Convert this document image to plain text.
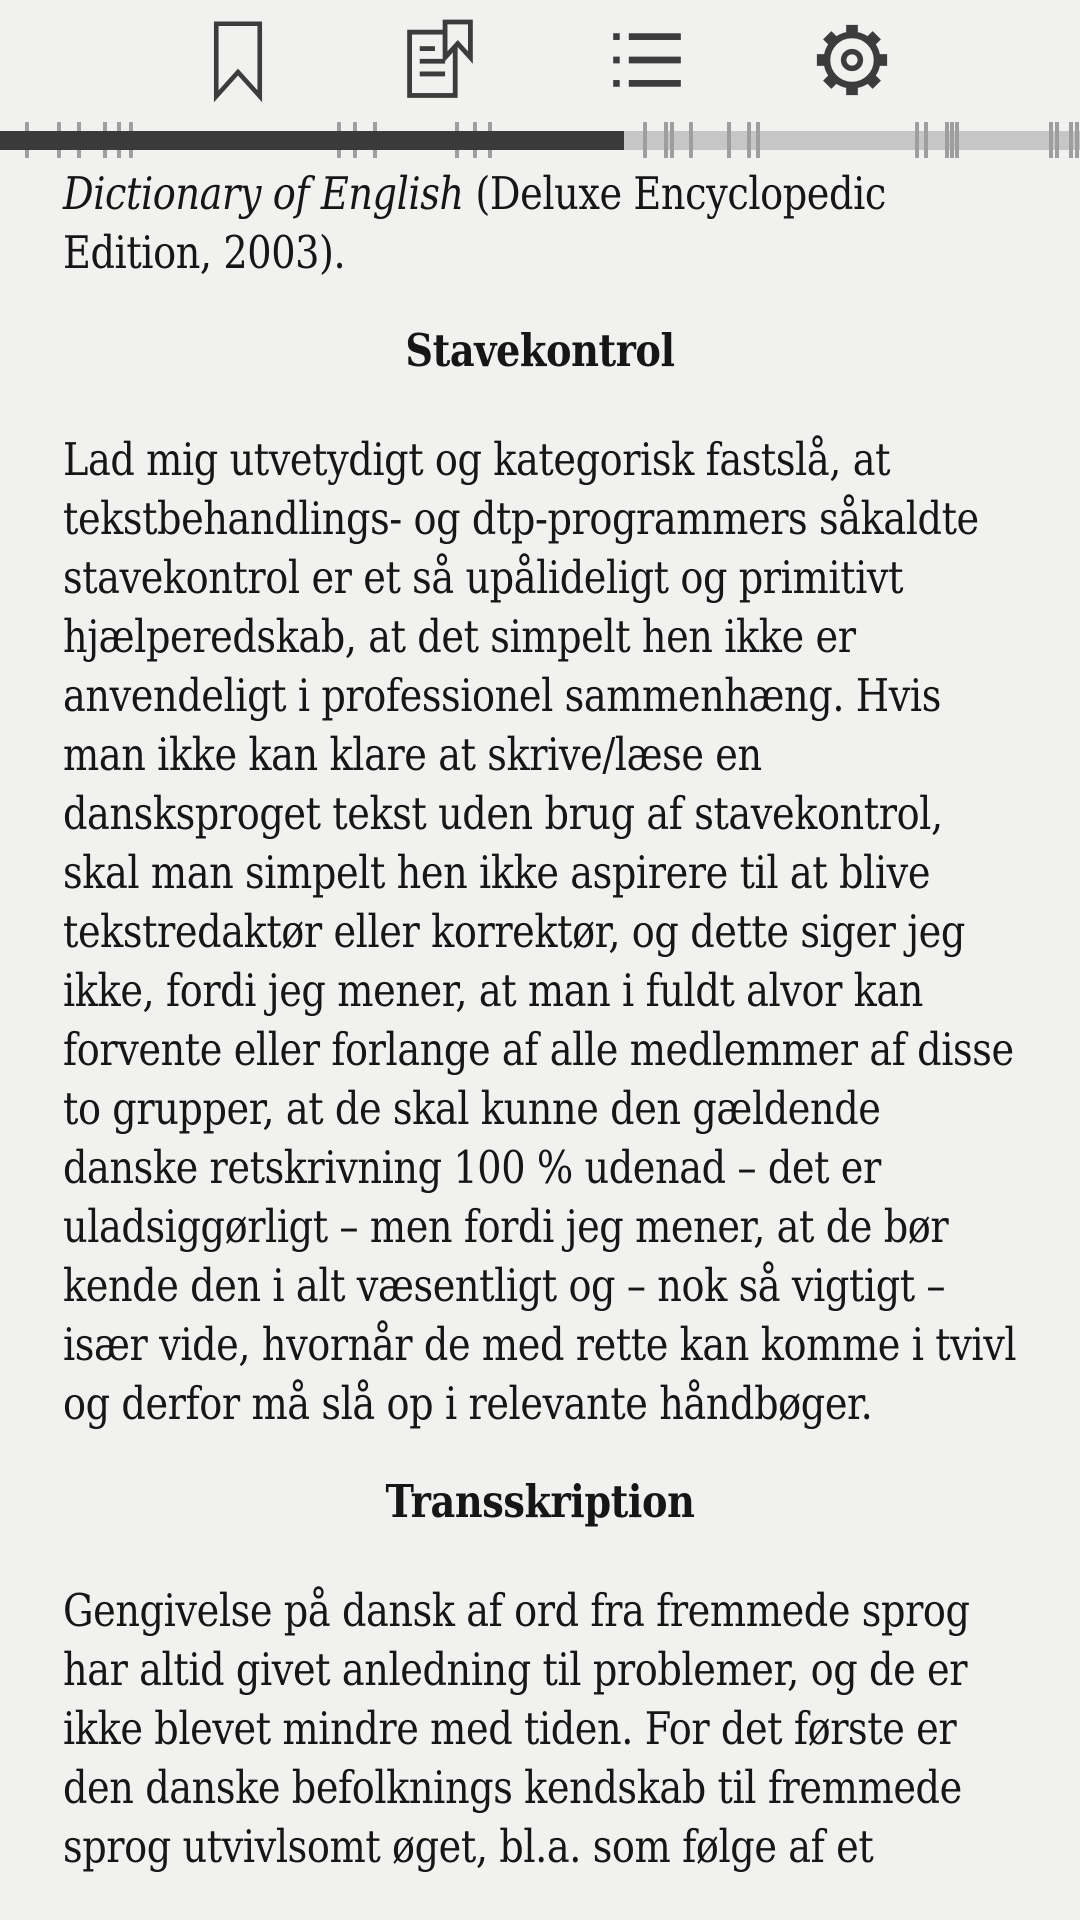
Dictionary of English (Deluxe Encyclopedic Edition, 2003).

Stavekontrol

Lad mig utvetydigt og kategorisk fastslå, at tekstbehandlings- og dtp-programmers såkaldte stavekontrol er et så upålideligt og primitivt hjælperedskab, at det simpelt hen ikke er anvendeligt i professionel sammenhæng. Hvis man ikke kan klare at skrive/læse en dansksproget tekst uden brug af stavekontrol, skal man simpelt hen ikke aspirere til at blive tekstredaktør eller korrektør, og dette siger jeg ikke, fordi jeg mener, at man i fuldt alvor kan forvente eller forlange af alle medlemmer af disse to grupper, at de skal kunne den gældende danske retskrivning 100 % udenad – det er uladsiggørligt – men fordi jeg mener, at de bør kende den i alt væsentligt og – nok så vigtigt – især vide, hvornår de med rette kan komme i tvivl og derfor må slå op i relevante håndbøger.

Transskription

Gengivelse på dansk af ord fra fremmede sprog har altid givet anledning til problemer, og de er ikke blevet mindre med tiden. For det første er den danske befolknings kendskab til fremmede sprog utvivlsomt øget, bl.a. som følge af et
